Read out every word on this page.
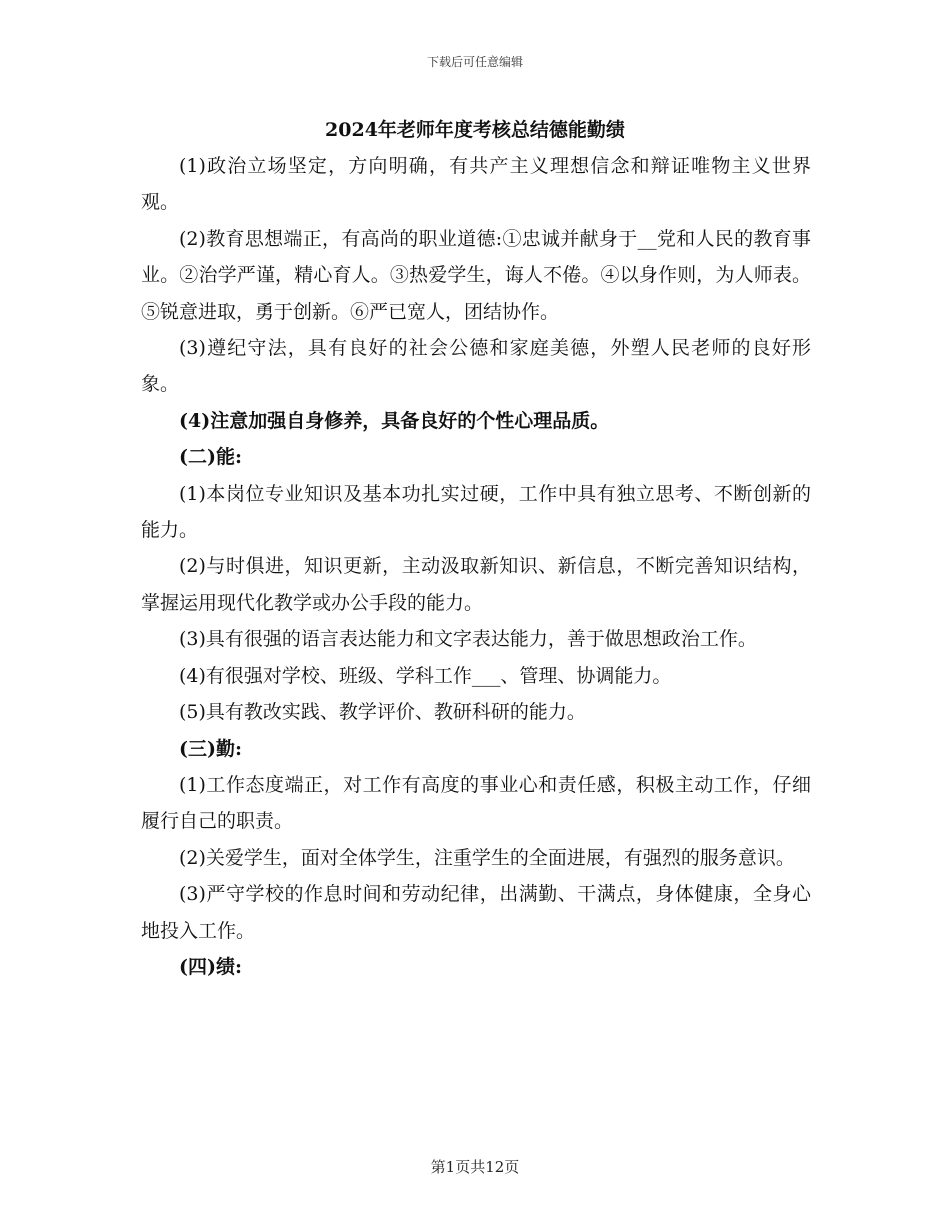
下载后可任意编辑
2024年老师年度考核总结德能勤绩

(1)政治立场坚定，方向明确，有共产主义理想信念和辩证唯物主义世界观。

(2)教育思想端正，有高尚的职业道德:①忠诚并献身于__党和人民的教育事业。②治学严谨，精心育人。③热爱学生，诲人不倦。④以身作则，为人师表。⑤锐意进取，勇于创新。⑥严已宽人，团结协作。

(3)遵纪守法，具有良好的社会公德和家庭美德，外塑人民老师的良好形象。

(4)注意加强自身修养，具备良好的个性心理品质。

(二)能:

(1)本岗位专业知识及基本功扎实过硬，工作中具有独立思考、不断创新的能力。

(2)与时俱进，知识更新，主动汲取新知识、新信息，不断完善知识结构，掌握运用现代化教学或办公手段的能力。

(3)具有很强的语言表达能力和文字表达能力，善于做思想政治工作。

(4)有很强对学校、班级、学科工作___、管理、协调能力。

(5)具有教改实践、教学评价、教研科研的能力。

(三)勤:

(1)工作态度端正，对工作有高度的事业心和责任感，积极主动工作，仔细履行自己的职责。

(2)关爱学生，面对全体学生，注重学生的全面进展，有强烈的服务意识。

(3)严守学校的作息时间和劳动纪律，出满勤、干满点，身体健康，全身心地投入工作。

(四)绩:

第1页共12页
